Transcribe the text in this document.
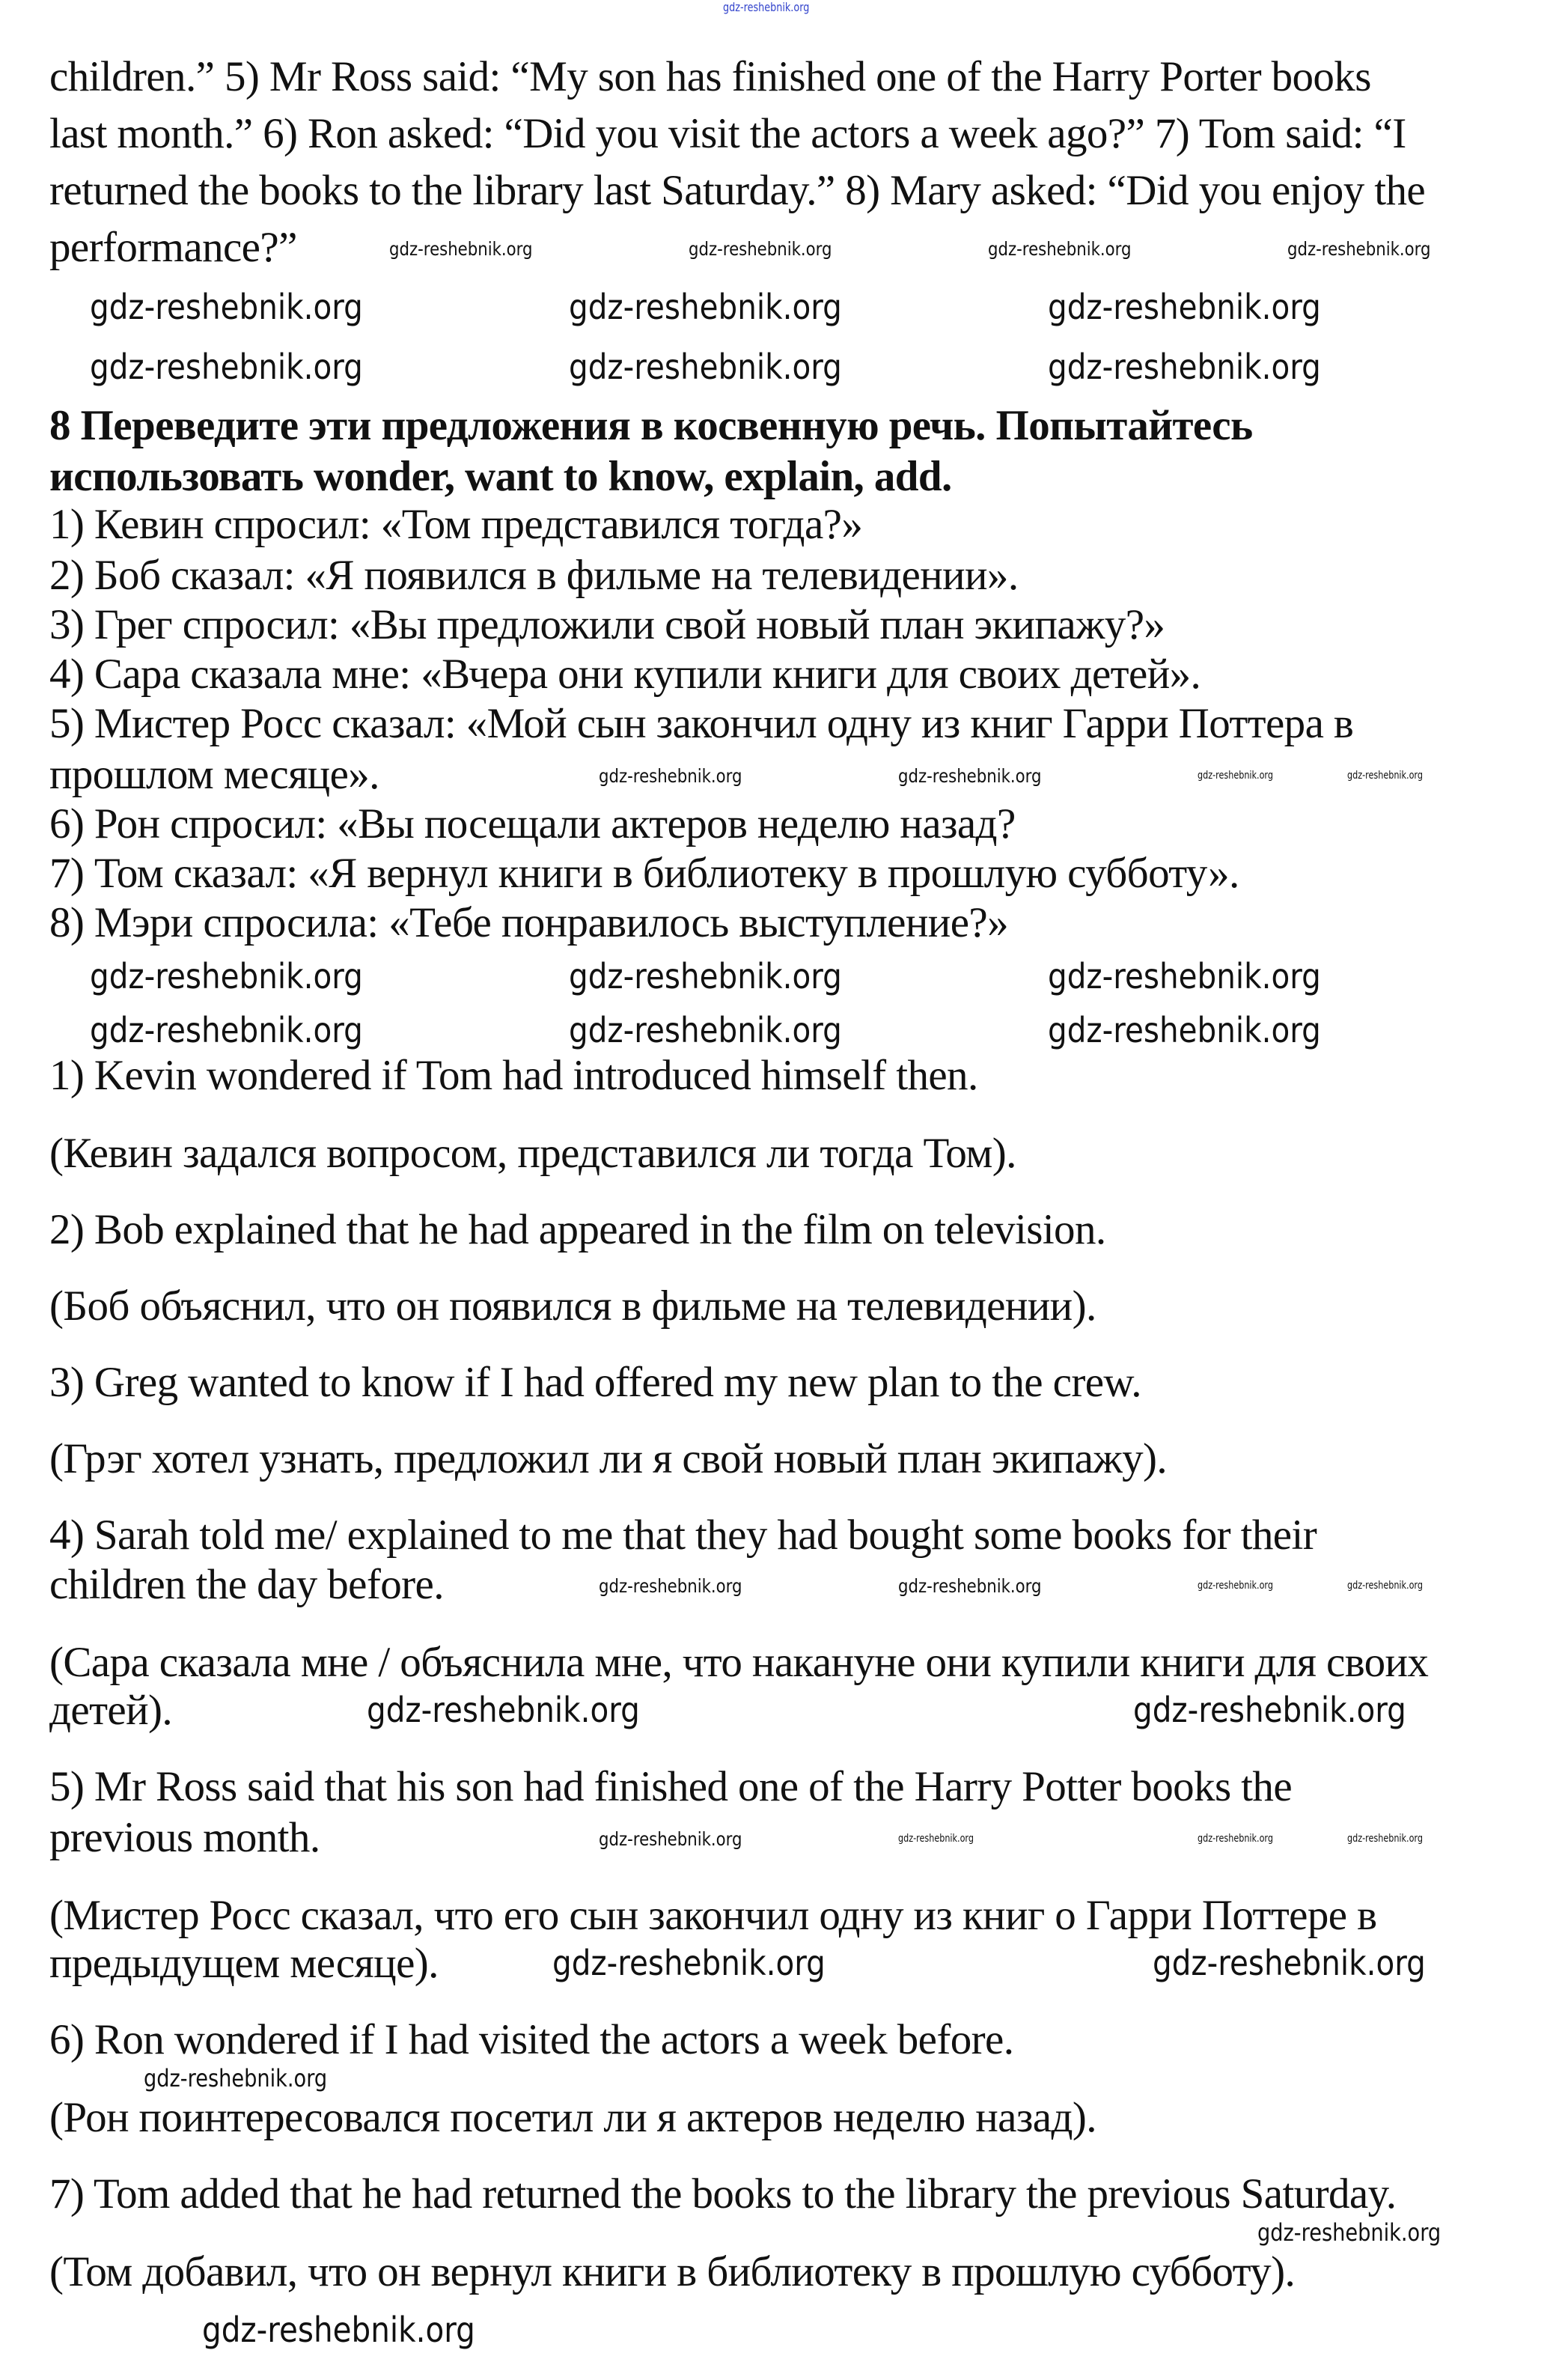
children.” 5) Mr Ross said: “My son has finished one of the Harry Porter books
last month.” 6) Ron asked: “Did you visit the actors a week ago?” 7) Tom said: “I
returned the books to the library last Saturday.” 8) Mary asked: “Did you enjoy the
performance?”
8 Переведите эти предложения в косвенную речь. Попытайтесь
использовать wonder, want to know, explain, add.
1) Кевин спросил: «Том представился тогда?»
2) Боб сказал: «Я появился в фильме на телевидении».
3) Грег спросил: «Вы предложили свой новый план экипажу?»
4) Сара сказала мне: «Вчера они купили книги для своих детей».
5) Мистер Росс сказал: «Мой сын закончил одну из книг Гарри Поттера в
прошлом месяце».
6) Рон спросил: «Вы посещали актеров неделю назад?
7) Том сказал: «Я вернул книги в библиотеку в прошлую субботу».
8) Мэри спросила: «Тебе понравилось выступление?»
1) Kevin wondered if Tom had introduced himself then.
(Кевин задался вопросом, представился ли тогда Том).
2) Bob explained that he had appeared in the film on television.
(Боб объяснил, что он появился в фильме на телевидении).
3) Greg wanted to know if I had offered my new plan to the crew.
(Грэг хотел узнать, предложил ли я свой новый план экипажу).
4) Sarah told me/ explained to me that they had bought some books for their
children the day before.
(Сара сказала мне / объяснила мне, что накануне они купили книги для своих
детей).
5) Mr Ross said that his son had finished one of the Harry Potter books the
previous month.
(Мистер Росс сказал, что его сын закончил одну из книг о Гарри Поттере в
предыдущем месяце).
6) Ron wondered if I had visited the actors a week before.
(Рон поинтересовался посетил ли я актеров неделю назад).
7) Tom added that he had returned the books to the library the previous Saturday.
(Том добавил, что он вернул книги в библиотеку в прошлую субботу).
gdz-reshebnik.org
gdz-reshebnik.org	gdz-reshebnik.org	gdz-reshebnik.org	gdz-reshebnik.org
gdz-reshebnik.org	gdz-reshebnik.org	gdz-reshebnik.org
gdz-reshebnik.org	gdz-reshebnik.org	gdz-reshebnik.org
gdz-reshebnik.org	gdz-reshebnik.org	gdz-reshebnik.org	gdz-reshebnik.org
gdz-reshebnik.org	gdz-reshebnik.org	gdz-reshebnik.org
gdz-reshebnik.org	gdz-reshebnik.org	gdz-reshebnik.org
gdz-reshebnik.org	gdz-reshebnik.org	gdz-reshebnik.org	gdz-reshebnik.org
gdz-reshebnik.org	gdz-reshebnik.org
gdz-reshebnik.org	gdz-reshebnik.org	gdz-reshebnik.org	gdz-reshebnik.org
gdz-reshebnik.org	gdz-reshebnik.org
gdz-reshebnik.org
gdz-reshebnik.org
gdz-reshebnik.org
